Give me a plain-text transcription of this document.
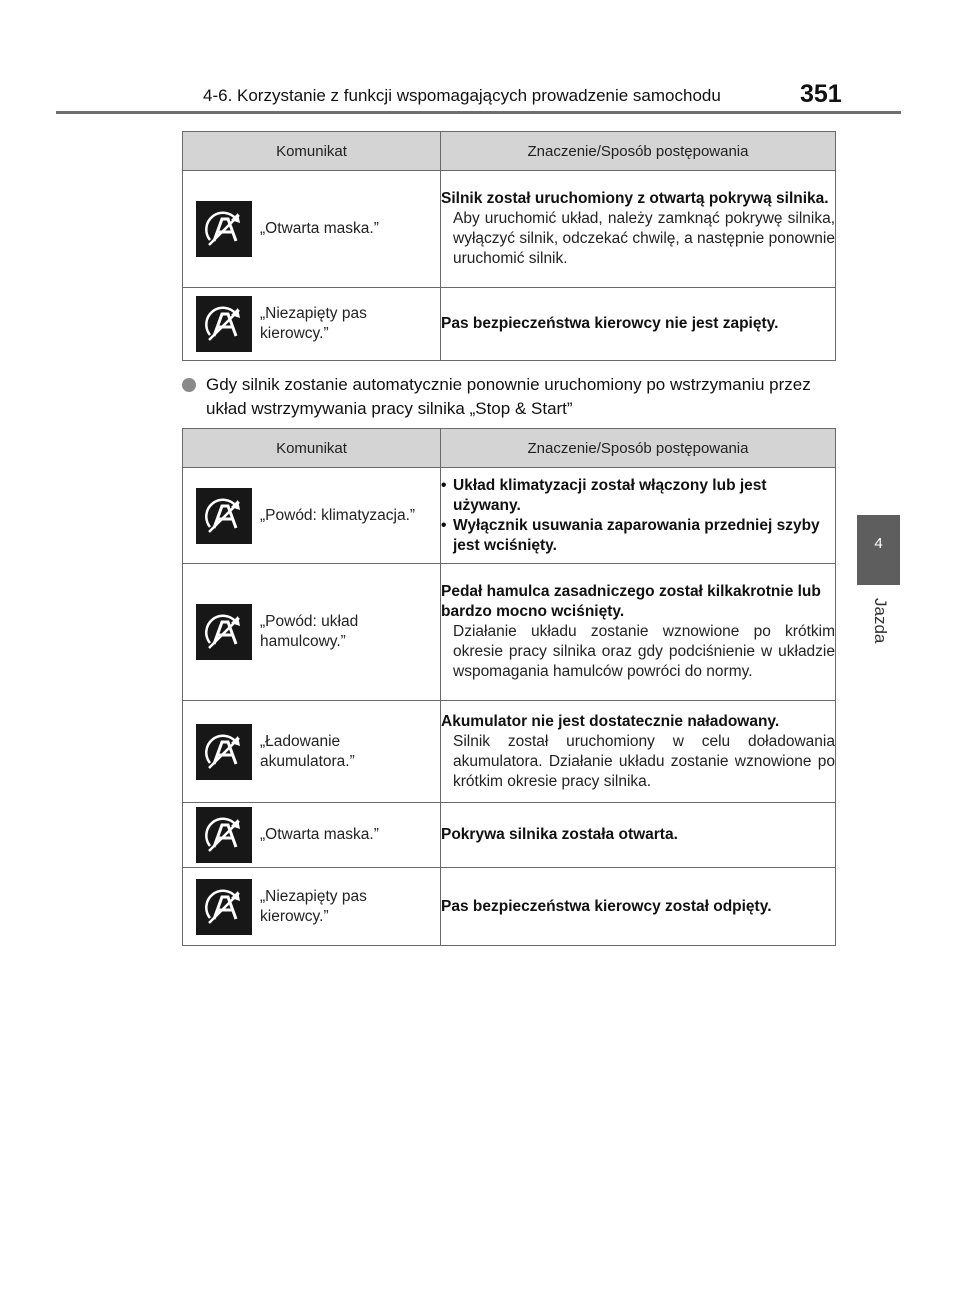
4-6. Korzystanie z funkcji wspomagających prowadzenie samochodu	351
4
Jazda
Komunikat	Znaczenie/Sposób postępowania

„Otwarta maska.”	Silnik został uruchomiony z otwartą pokrywą silnika.
Aby uruchomić układ, należy zamknąć pokrywę silnika, wyłączyć silnik, odczekać chwilę, a następnie ponownie uruchomić silnik.

„Niezapięty pas kierowcy.”	Pas bezpieczeństwa kierowcy nie jest zapięty.
Gdy silnik zostanie automatycznie ponownie uruchomiony po wstrzymaniu przez układ wstrzymywania pracy silnika „Stop & Start”
Komunikat	Znaczenie/Sposób postępowania

„Powód: klimatyzacja.”	• Układ klimatyzacji został włączony lub jest używany.
• Wyłącznik usuwania zaparowania przedniej szyby jest wciśnięty.

„Powód: układ hamulcowy.”	Pedał hamulca zasadniczego został kilkakrotnie lub bardzo mocno wciśnięty.
Działanie układu zostanie wznowione po krótkim okresie pracy silnika oraz gdy podciśnienie w układzie wspomagania hamulców powróci do normy.

„Ładowanie akumulatora.”	Akumulator nie jest dostatecznie naładowany.
Silnik został uruchomiony w celu doładowania akumulatora. Działanie układu zostanie wznowione po krótkim okresie pracy silnika.

„Otwarta maska.”	Pokrywa silnika została otwarta.

„Niezapięty pas kierowcy.”	Pas bezpieczeństwa kierowcy został odpięty.
